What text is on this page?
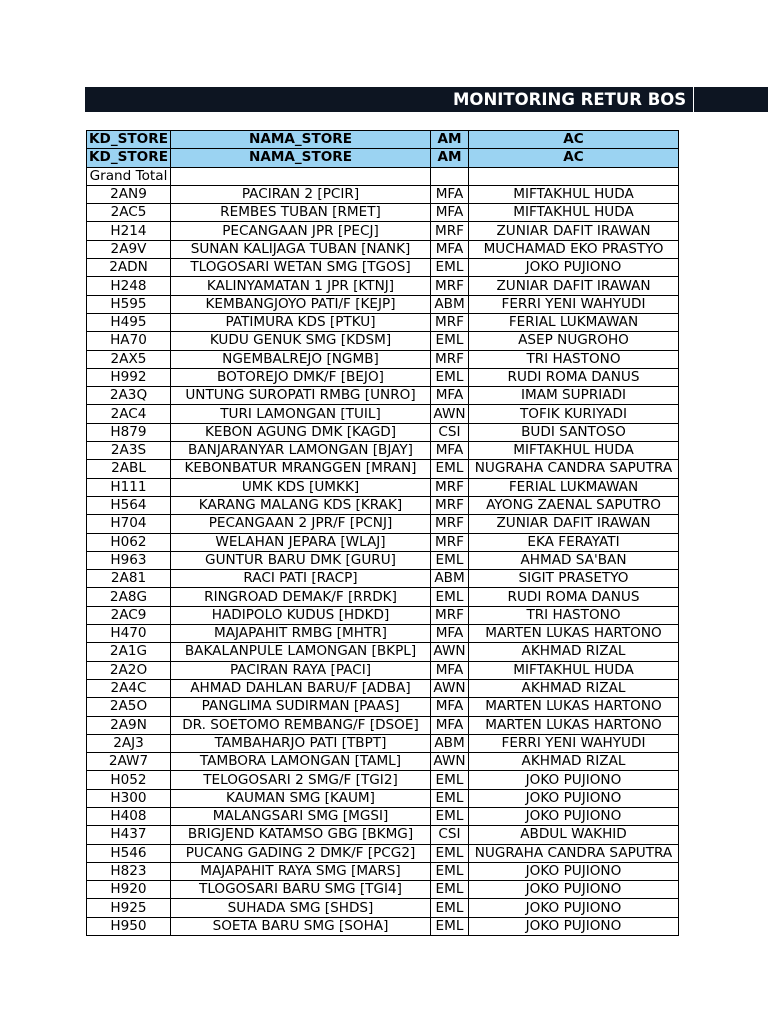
MONITORING RETUR BOS
KD_STORE	NAMA_STORE	AM	AC
KD_STORE	NAMA_STORE	AM	AC
Grand Total			
2AN9	PACIRAN 2 [PCIR]	MFA	MIFTAKHUL HUDA
2AC5	REMBES TUBAN [RMET]	MFA	MIFTAKHUL HUDA
H214	PECANGAAN JPR [PECJ]	MRF	ZUNIAR DAFIT IRAWAN
2A9V	SUNAN KALIJAGA TUBAN [NANK]	MFA	MUCHAMAD EKO PRASTYO
2ADN	TLOGOSARI WETAN SMG [TGOS]	EML	JOKO PUJIONO
H248	KALINYAMATAN 1 JPR [KTNJ]	MRF	ZUNIAR DAFIT IRAWAN
H595	KEMBANGJOYO PATI/F [KEJP]	ABM	FERRI YENI WAHYUDI
H495	PATIMURA KDS [PTKU]	MRF	FERIAL LUKMAWAN
HA70	KUDU GENUK SMG [KDSM]	EML	ASEP NUGROHO
2AX5	NGEMBALREJO [NGMB]	MRF	TRI HASTONO
H992	BOTOREJO DMK/F [BEJO]	EML	RUDI ROMA DANUS
2A3Q	UNTUNG SUROPATI RMBG [UNRO]	MFA	IMAM SUPRIADI
2AC4	TURI LAMONGAN [TUIL]	AWN	TOFIK KURIYADI
H879	KEBON AGUNG DMK [KAGD]	CSI	BUDI SANTOSO
2A3S	BANJARANYAR LAMONGAN [BJAY]	MFA	MIFTAKHUL HUDA
2ABL	KEBONBATUR MRANGGEN [MRAN]	EML	NUGRAHA CANDRA SAPUTRA
H111	UMK KDS [UMKK]	MRF	FERIAL LUKMAWAN
H564	KARANG MALANG KDS [KRAK]	MRF	AYONG ZAENAL SAPUTRO
H704	PECANGAAN 2 JPR/F [PCNJ]	MRF	ZUNIAR DAFIT IRAWAN
H062	WELAHAN JEPARA [WLAJ]	MRF	EKA FERAYATI
H963	GUNTUR BARU DMK [GURU]	EML	AHMAD SA'BAN
2A81	RACI PATI [RACP]	ABM	SIGIT PRASETYO
2A8G	RINGROAD DEMAK/F [RRDK]	EML	RUDI ROMA DANUS
2AC9	HADIPOLO KUDUS [HDKD]	MRF	TRI HASTONO
H470	MAJAPAHIT RMBG [MHTR]	MFA	MARTEN LUKAS HARTONO
2A1G	BAKALANPULE LAMONGAN [BKPL]	AWN	AKHMAD RIZAL
2A2O	PACIRAN RAYA [PACI]	MFA	MIFTAKHUL HUDA
2A4C	AHMAD DAHLAN BARU/F [ADBA]	AWN	AKHMAD RIZAL
2A5O	PANGLIMA SUDIRMAN [PAAS]	MFA	MARTEN LUKAS HARTONO
2A9N	DR. SOETOMO REMBANG/F [DSOE]	MFA	MARTEN LUKAS HARTONO
2AJ3	TAMBAHARJO PATI [TBPT]	ABM	FERRI YENI WAHYUDI
2AW7	TAMBORA LAMONGAN [TAML]	AWN	AKHMAD RIZAL
H052	TELOGOSARI 2 SMG/F [TGI2]	EML	JOKO PUJIONO
H300	KAUMAN SMG [KAUM]	EML	JOKO PUJIONO
H408	MALANGSARI SMG [MGSI]	EML	JOKO PUJIONO
H437	BRIGJEND KATAMSO GBG [BKMG]	CSI	ABDUL WAKHID
H546	PUCANG GADING 2 DMK/F [PCG2]	EML	NUGRAHA CANDRA SAPUTRA
H823	MAJAPAHIT RAYA SMG [MARS]	EML	JOKO PUJIONO
H920	TLOGOSARI BARU SMG [TGI4]	EML	JOKO PUJIONO
H925	SUHADA SMG [SHDS]	EML	JOKO PUJIONO
H950	SOETA BARU SMG [SOHA]	EML	JOKO PUJIONO
